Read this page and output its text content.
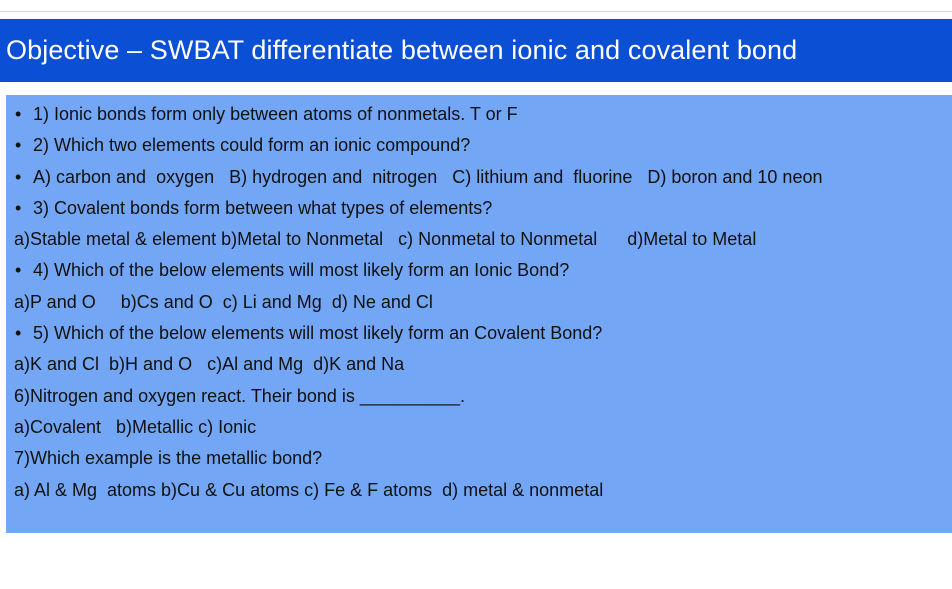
Objective – SWBAT differentiate between ionic and covalent bond
• 1) Ionic bonds form only between atoms of nonmetals. T or F
• 2) Which two elements could form an ionic compound?
• A) carbon and  oxygen   B) hydrogen and  nitrogen   C) lithium and  fluorine   D) boron and 10 neon
• 3) Covalent bonds form between what types of elements?
a)Stable metal & element b)Metal to Nonmetal   c) Nonmetal to Nonmetal      d)Metal to Metal
• 4) Which of the below elements will most likely form an Ionic Bond?
a)P and O     b)Cs and O  c) Li and Mg  d) Ne and Cl
• 5) Which of the below elements will most likely form an Covalent Bond?
a)K and Cl  b)H and O   c)Al and Mg  d)K and Na
6)Nitrogen and oxygen react. Their bond is __________.
a)Covalent   b)Metallic c) Ionic
7)Which example is the metallic bond?
a) Al & Mg  atoms b)Cu & Cu atoms c) Fe & F atoms  d) metal & nonmetal
